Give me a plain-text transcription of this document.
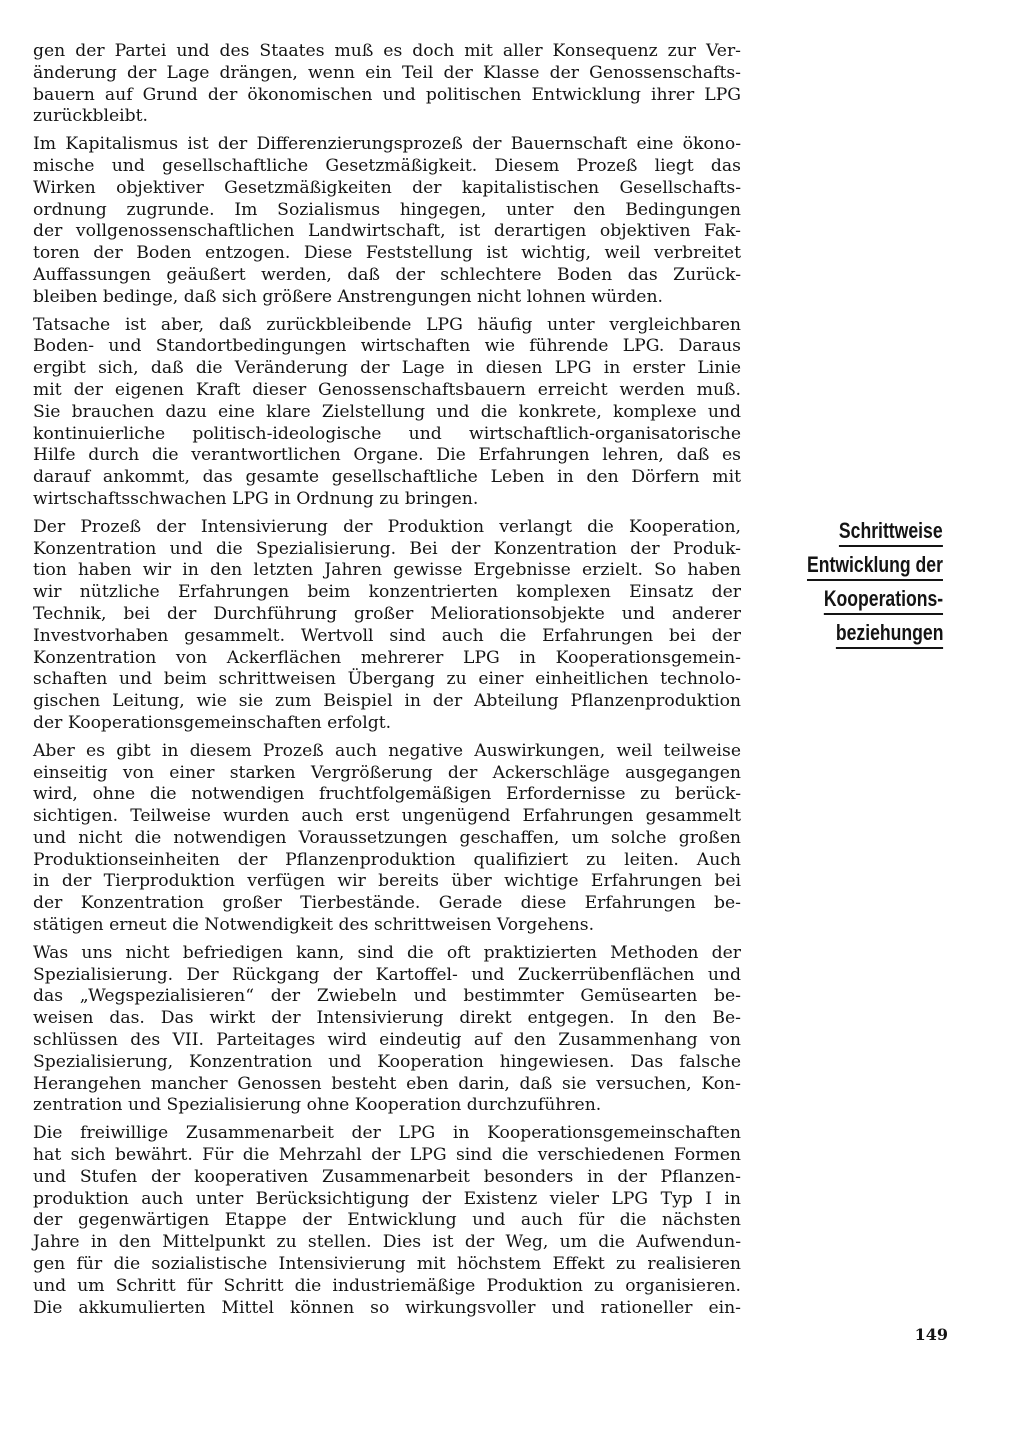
gen der Partei und des Staates muß es doch mit aller Konsequenz zur Ver-
änderung der Lage drängen, wenn ein Teil der Klasse der Genossenschafts-
bauern auf Grund der ökonomischen und politischen Entwicklung ihrer LPG
zurückbleibt.
Im Kapitalismus ist der Differenzierungsprozeß der Bauernschaft eine ökono-
mische und gesellschaftliche Gesetzmäßigkeit. Diesem Prozeß liegt das
Wirken objektiver Gesetzmäßigkeiten der kapitalistischen Gesellschafts-
ordnung zugrunde. Im Sozialismus hingegen, unter den Bedingungen
der vollgenossenschaftlichen Landwirtschaft, ist derartigen objektiven Fak-
toren der Boden entzogen. Diese Feststellung ist wichtig, weil verbreitet
Auffassungen geäußert werden, daß der schlechtere Boden das Zurück-
bleiben bedinge, daß sich größere Anstrengungen nicht lohnen würden.
Tatsache ist aber, daß zurückbleibende LPG häufig unter vergleichbaren
Boden- und Standortbedingungen wirtschaften wie führende LPG. Daraus
ergibt sich, daß die Veränderung der Lage in diesen LPG in erster Linie
mit der eigenen Kraft dieser Genossenschaftsbauern erreicht werden muß.
Sie brauchen dazu eine klare Zielstellung und die konkrete, komplexe und
kontinuierliche politisch-ideologische und wirtschaftlich-organisatorische
Hilfe durch die verantwortlichen Organe. Die Erfahrungen lehren, daß es
darauf ankommt, das gesamte gesellschaftliche Leben in den Dörfern mit
wirtschaftsschwachen LPG in Ordnung zu bringen.
Der Prozeß der Intensivierung der Produktion verlangt die Kooperation,
Konzentration und die Spezialisierung. Bei der Konzentration der Produk-
tion haben wir in den letzten Jahren gewisse Ergebnisse erzielt. So haben
wir nützliche Erfahrungen beim konzentrierten komplexen Einsatz der
Technik, bei der Durchführung großer Meliorationsobjekte und anderer
Investvorhaben gesammelt. Wertvoll sind auch die Erfahrungen bei der
Konzentration von Ackerflächen mehrerer LPG in Kooperationsgemein-
schaften und beim schrittweisen Übergang zu einer einheitlichen technolo-
gischen Leitung, wie sie zum Beispiel in der Abteilung Pflanzenproduktion
der Kooperationsgemeinschaften erfolgt.
Aber es gibt in diesem Prozeß auch negative Auswirkungen, weil teilweise
einseitig von einer starken Vergrößerung der Ackerschläge ausgegangen
wird, ohne die notwendigen fruchtfolgemäßigen Erfordernisse zu berück-
sichtigen. Teilweise wurden auch erst ungenügend Erfahrungen gesammelt
und nicht die notwendigen Voraussetzungen geschaffen, um solche großen
Produktionseinheiten der Pflanzenproduktion qualifiziert zu leiten. Auch
in der Tierproduktion verfügen wir bereits über wichtige Erfahrungen bei
der Konzentration großer Tierbestände. Gerade diese Erfahrungen be-
stätigen erneut die Notwendigkeit des schrittweisen Vorgehens.
Was uns nicht befriedigen kann, sind die oft praktizierten Methoden der
Spezialisierung. Der Rückgang der Kartoffel- und Zuckerrübenflächen und
das „Wegspezialisieren“ der Zwiebeln und bestimmter Gemüsearten be-
weisen das. Das wirkt der Intensivierung direkt entgegen. In den Be-
schlüssen des VII. Parteitages wird eindeutig auf den Zusammenhang von
Spezialisierung, Konzentration und Kooperation hingewiesen. Das falsche
Herangehen mancher Genossen besteht eben darin, daß sie versuchen, Kon-
zentration und Spezialisierung ohne Kooperation durchzuführen.
Die freiwillige Zusammenarbeit der LPG in Kooperationsgemeinschaften
hat sich bewährt. Für die Mehrzahl der LPG sind die verschiedenen Formen
und Stufen der kooperativen Zusammenarbeit besonders in der Pflanzen-
produktion auch unter Berücksichtigung der Existenz vieler LPG Typ I in
der gegenwärtigen Etappe der Entwicklung und auch für die nächsten
Jahre in den Mittelpunkt zu stellen. Dies ist der Weg, um die Aufwendun-
gen für die sozialistische Intensivierung mit höchstem Effekt zu realisieren
und um Schritt für Schritt die industriemäßige Produktion zu organisieren.
Die akkumulierten Mittel können so wirkungsvoller und rationeller ein-
Schrittweise
Entwicklung der
Kooperations-
beziehungen
149
